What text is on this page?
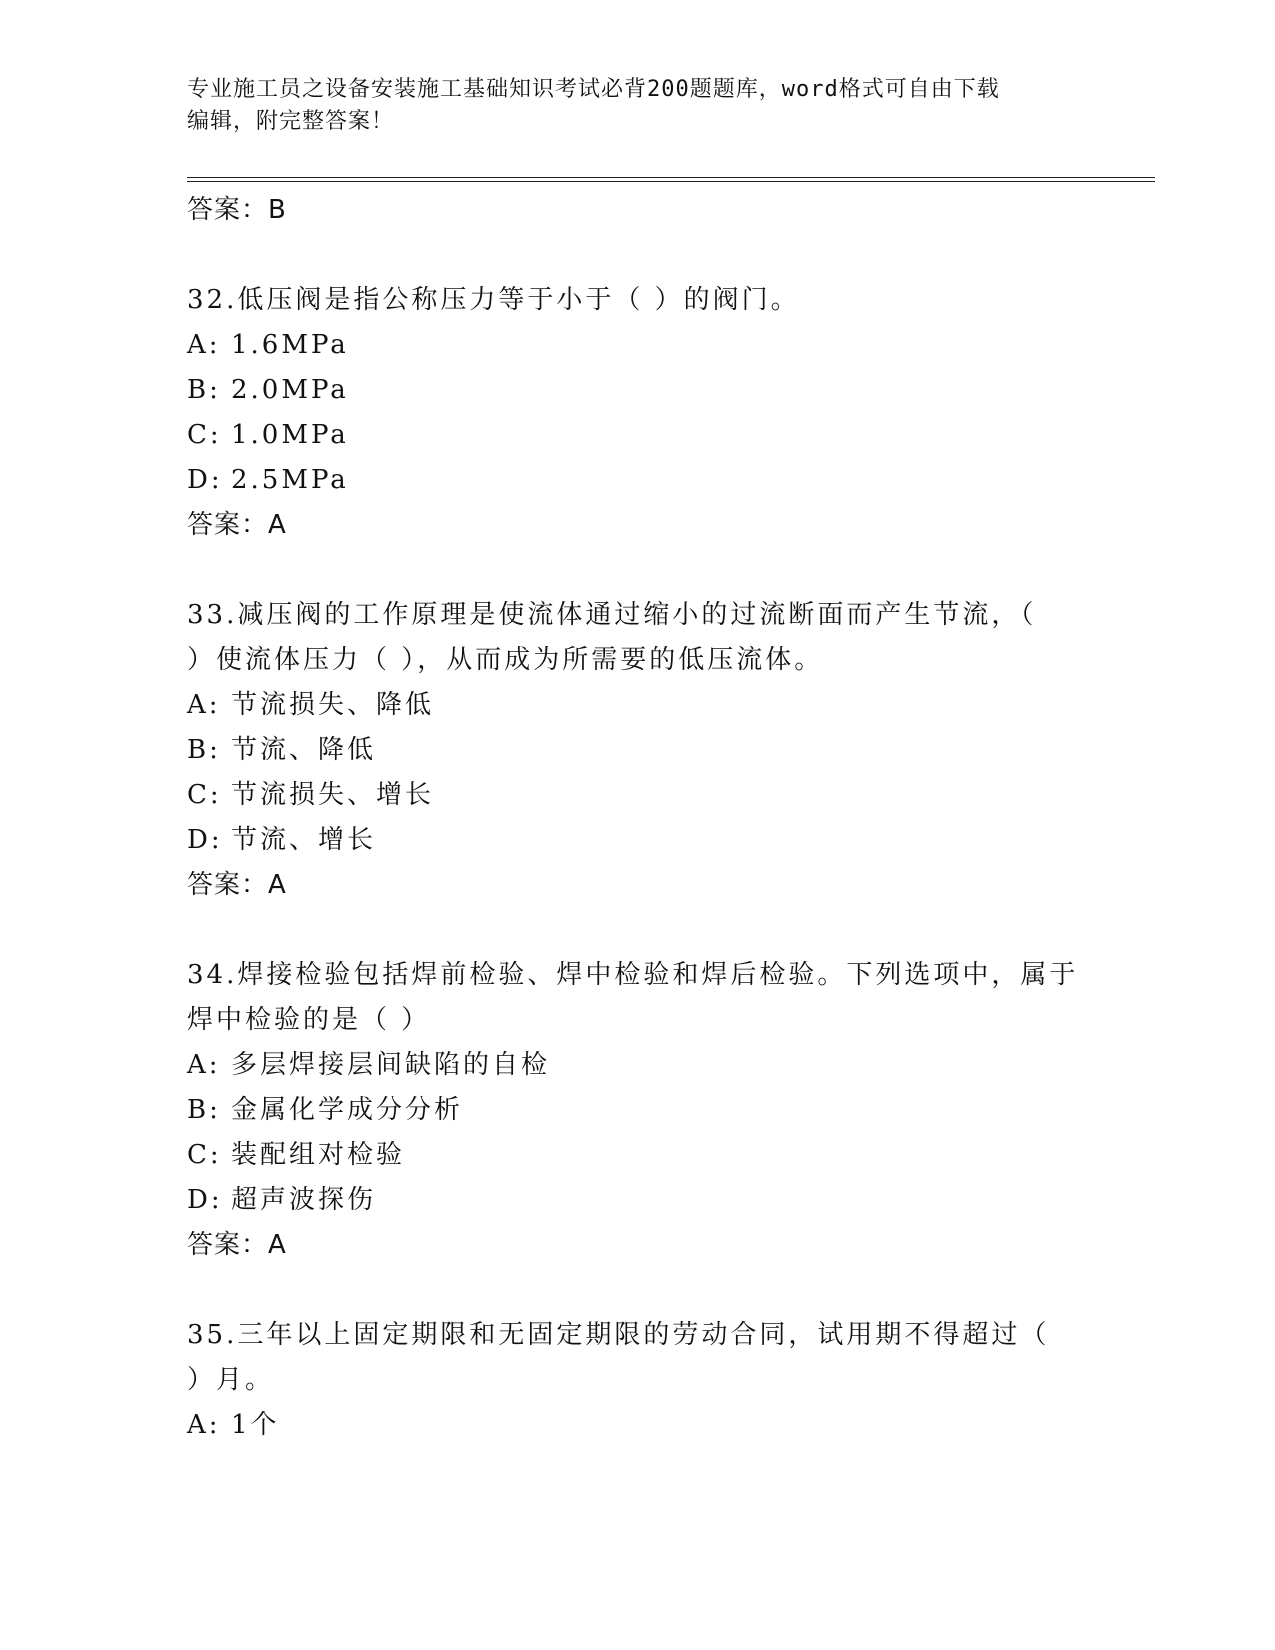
专业施工员之设备安装施工基础知识考试必背200题题库，word格式可自由下载
编辑，附完整答案！
答案：B
32.低压阀是指公称压力等于小于（ ）的阀门。
A: 1.6MPa
B: 2.0MPa
C: 1.0MPa
D: 2.5MPa
答案：A
33.减压阀的工作原理是使流体通过缩小的过流断面而产生节流，（
）使流体压力（ ），从而成为所需要的低压流体。
A: 节流损失、降低
B: 节流、降低
C: 节流损失、增长
D: 节流、增长
答案：A
34.焊接检验包括焊前检验、焊中检验和焊后检验。下列选项中，属于
焊中检验的是（ ）
A: 多层焊接层间缺陷的自检
B: 金属化学成分分析
C: 装配组对检验
D: 超声波探伤
答案：A
35.三年以上固定期限和无固定期限的劳动合同，试用期不得超过（
）月。
A: 1个
